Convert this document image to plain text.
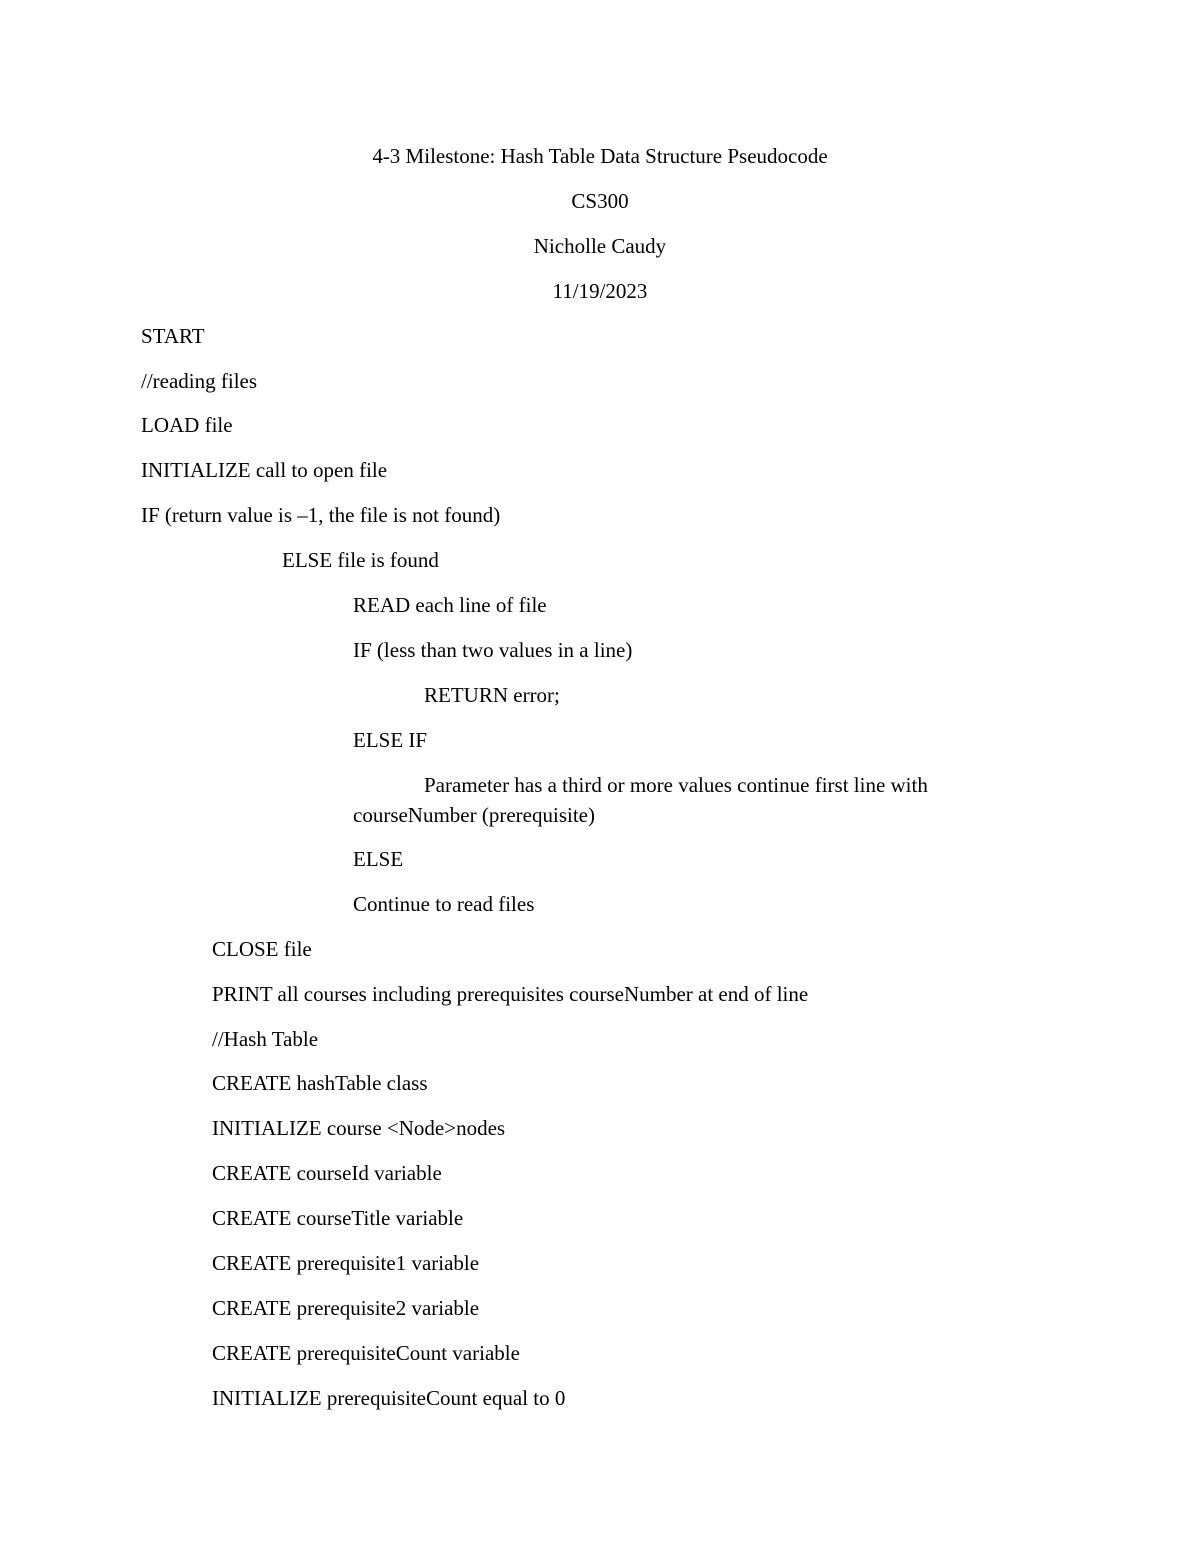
4-3 Milestone: Hash Table Data Structure Pseudocode
CS300
Nicholle Caudy
11/19/2023
START
//reading files
LOAD file
INITIALIZE call to open file
IF (return value is –1, the file is not found)
ELSE file is found
READ each line of file
IF (less than two values in a line)
RETURN error;
ELSE IF
Parameter has a third or more values continue first line with
courseNumber (prerequisite)
ELSE
Continue to read files
CLOSE file
PRINT all courses including prerequisites courseNumber at end of line
//Hash Table
CREATE hashTable class
INITIALIZE course <Node>nodes
CREATE courseId variable
CREATE courseTitle variable
CREATE prerequisite1 variable
CREATE prerequisite2 variable
CREATE prerequisiteCount variable
INITIALIZE prerequisiteCount equal to 0
